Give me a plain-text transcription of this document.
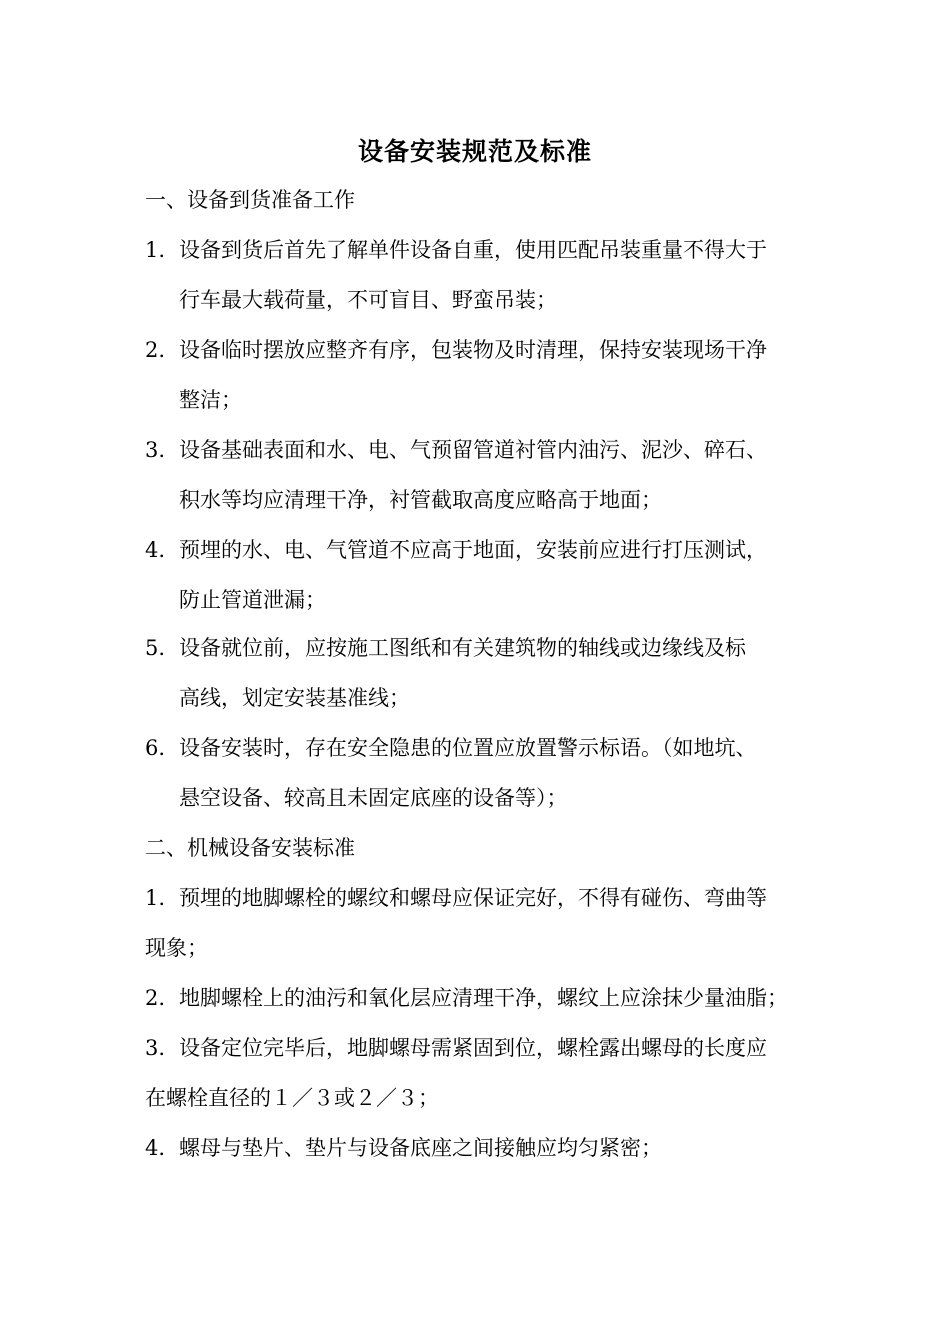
设备安装规范及标准
一、设备到货准备工作
1. 设备到货后首先了解单件设备自重，使用匹配吊装重量不得大于
行车最大载荷量，不可盲目、野蛮吊装；
2. 设备临时摆放应整齐有序，包装物及时清理，保持安装现场干净
整洁；
3. 设备基础表面和水、电、气预留管道衬管内油污、泥沙、碎石、
积水等均应清理干净，衬管截取高度应略高于地面；
4. 预埋的水、电、气管道不应高于地面，安装前应进行打压测试，
防止管道泄漏；
5. 设备就位前，应按施工图纸和有关建筑物的轴线或边缘线及标
高线，划定安装基准线；
6. 设备安装时，存在安全隐患的位置应放置警示标语。（如地坑、
悬空设备、较高且未固定底座的设备等）；
二、机械设备安装标准
1. 预埋的地脚螺栓的螺纹和螺母应保证完好，不得有碰伤、弯曲等
现象；
2. 地脚螺栓上的油污和氧化层应清理干净，螺纹上应涂抹少量油脂；
3. 设备定位完毕后，地脚螺母需紧固到位，螺栓露出螺母的长度应
在螺栓直径的１／３或２／３；
4. 螺母与垫片、垫片与设备底座之间接触应均匀紧密；
